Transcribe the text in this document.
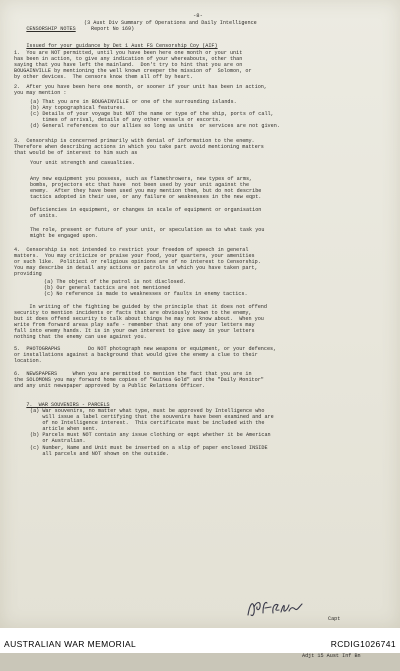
-8-

CENSORSHIP NOTES

(3 Aust Div Summary of Operations and Daily Intelligence
Report No 169)

Issued for your guidance by Det 1 Aust FS Censorship Coy (AIF)

1.  You are NOT permitted, until you have been here one month or your unit
has been in action, to give any indication of your whereabouts, other than
saying that you have left the mainland.  Don't try to hint that you are on
BOUGAINVILLE by mentioning the well known creeper the mission of  Solomon, or
by other devices.  The censors know them all off by heart.
2.  After you have been here one month, or sooner if your unit has been in action,
you may mention :
(a) That you are in BOUGAINVILLE or one of the surrounding islands.
(b) Any topographical features.
(c) Details of your voyage but NOT the name or type of the ship, ports of call,
times of arrival, details of any other vessels or escorts.
(d) General references to our allies so long as units  or services are not given.
3.  Censorship is concerned primarily with denial of information to the enemy.
Therefore when describing actions in which you take part avoid mentioning matters
that would be of interest to him such as
Your unit strength and casualties.
Any new equipment you possess, such as flamethrowers, new types of arms,
bombs, projectors etc that have  not been used by your unit against the
enemy.  After they have been used you may mention them, but do not describe
tactics adopted in their use, or any failure or weaknesses in the new eqpt.
Deficiencies in equipment, or changes in scale of equipment or organisation
of units.
The role, present or future of your unit, or speculation as to what task you
might be engaged upon.
4.  Censorship is not intended to restrict your freedom of speech in general
matters.  You may criticize or praise your food, your quarters, your amenities
or such like.  Political or religious opinions are of no interest to Censorship.
You may describe in detail any actions or patrols in which you have taken part,
providing
(a) The object of the patrol is not disclosed.
(b) Our general tactics are not mentioned
(c) No reference is made to weaknesses or faults in enemy tactics.
In writing of the fighting be guided by the principle that it does not offend
security to mention incidents or facts that are obviously known to the enemy,
but it does offend security to talk about things he may not know about.  When you
write from forward areas play safe - remember that any one of your letters may
fall into enemy hands. It is in your own interest to give away in your letters
nothing that the enemy can use against you.
5.  PHOTOGRAPHS         Do NOT photograph new weapons or equipment, or your defences,
or installations against a background that would give the enemy a clue to their
location.
6.  NEWSPAPERS     When you are permitted to mention the fact that you are in
the SOLOMONS you may forward home copies of "Guinea Gold" and the "Daily Monitor"
and any unit newspaper approved by a Public Relations Officer.

7.  WAR SOUVENIRS - PARCELS

(a) War souvenirs, no matter what type, must be approved by Intelligence who
will issue a label certifying that the souvenirs have been examined and are
of no Intelligence interest.  This certificate must be included with the
article when sent.
(b) Parcels must NOT contain any issue clothing or eqpt whether it be American
or Australian.
(c) Number, Name and Unit must be inserted on a slip of paper enclosed INSIDE
all parcels and NOT shown on the outside.

Capt

Adjt 15 Aust Inf Bn

AUSTRALIAN WAR MEMORIAL	RCDIG1026741
